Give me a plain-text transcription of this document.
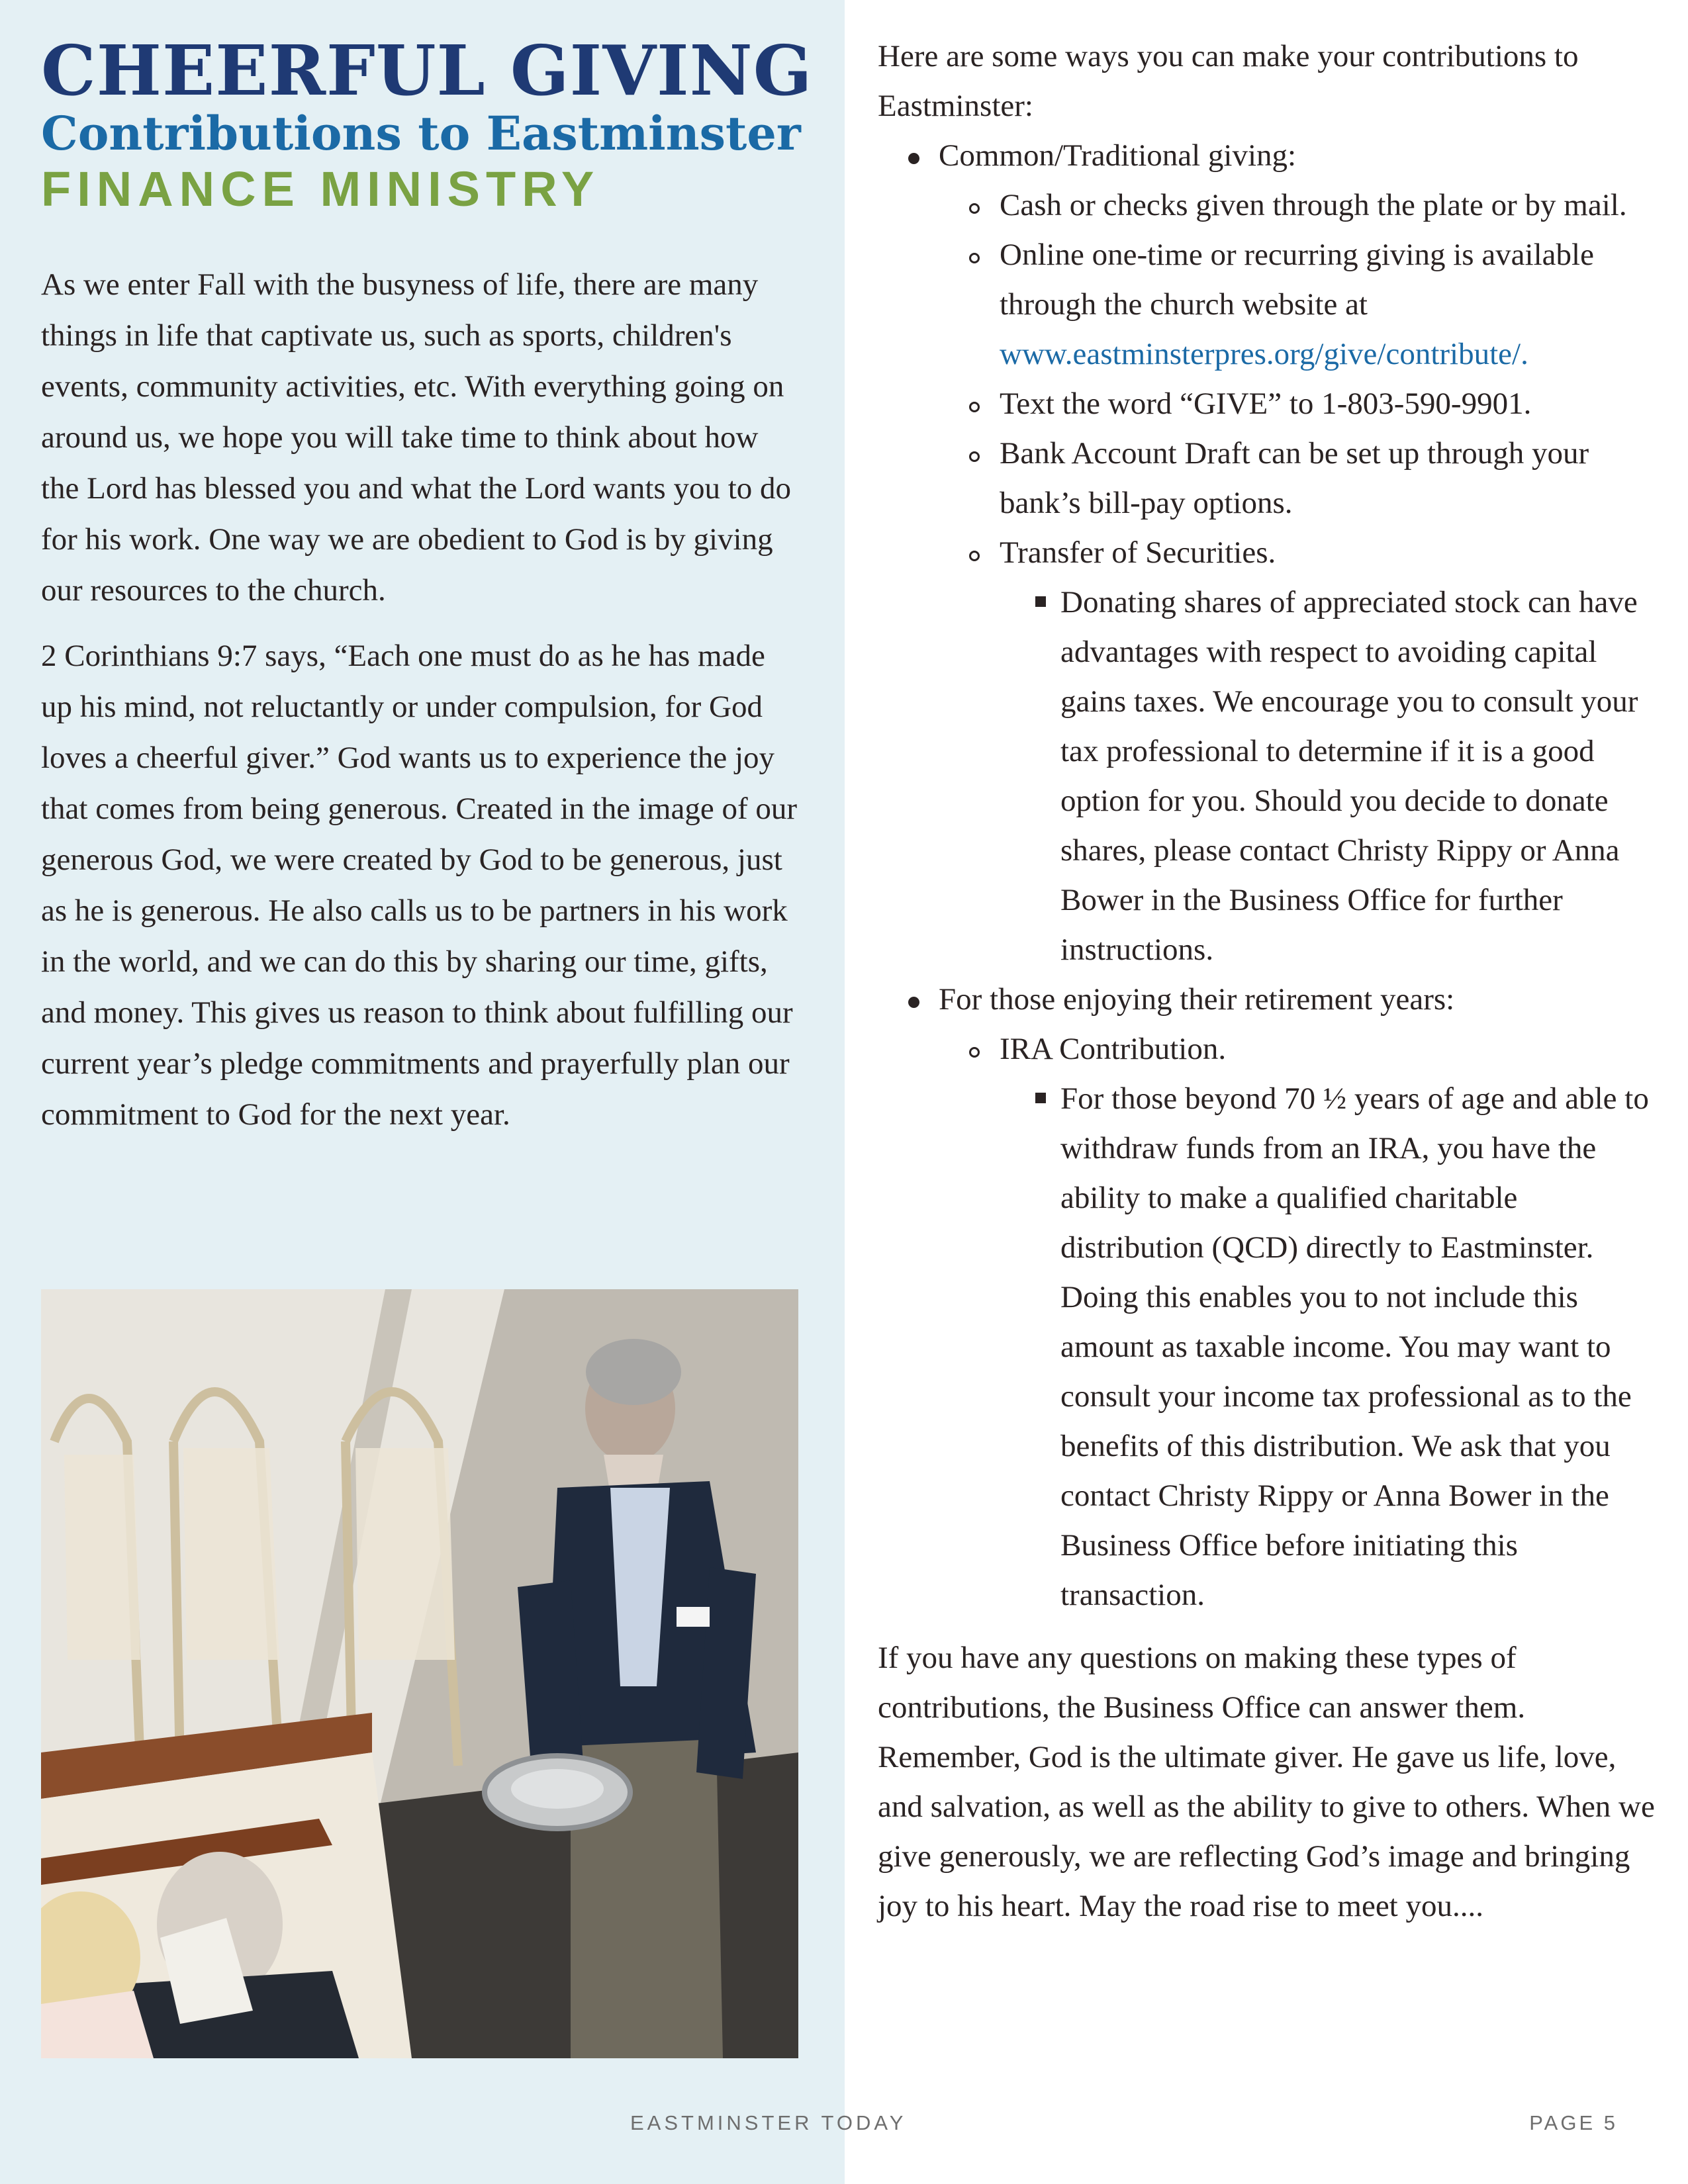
CHEERFUL GIVING
Contributions to Eastminster
FINANCE MINISTRY

As we enter Fall with the busyness of life, there are many things in life that captivate us, such as sports, children's events, community activities, etc. With everything going on around us, we hope you will take time to think about how the Lord has blessed you and what the Lord wants you to do for his work. One way we are obedient to God is by giving our resources to the church.

2 Corinthians 9:7 says, “Each one must do as he has made up his mind, not reluctantly or under compulsion, for God loves a cheerful giver.” God wants us to experience the joy that comes from being generous. Created in the image of our generous God, we were created by God to be generous, just as he is generous. He also calls us to be partners in his work in the world, and we can do this by sharing our time, gifts, and money. This gives us reason to think about fulfilling our current year’s pledge commitments and prayerfully plan our commitment to God for the next year.

Here are some ways you can make your contributions to Eastminster:

Common/Traditional giving:
Cash or checks given through the plate or by mail.
Online one-time or recurring giving is available through the church website at www.eastminsterpres.org/give/contribute/.
Text the word “GIVE” to 1-803-590-9901.
Bank Account Draft can be set up through your bank’s bill-pay options.
Transfer of Securities.
Donating shares of appreciated stock can have advantages with respect to avoiding capital gains taxes. We encourage you to consult your tax professional to determine if it is a good option for you. Should you decide to donate shares, please contact Christy Rippy or Anna Bower in the Business Office for further instructions.
For those enjoying their retirement years:
IRA Contribution.
For those beyond 70 ½ years of age and able to withdraw funds from an IRA, you have the ability to make a qualified charitable distribution (QCD) directly to Eastminster. Doing this enables you to not include this amount as taxable income. You may want to consult your income tax professional as to the benefits of this distribution. We ask that you contact Christy Rippy or Anna Bower in the Business Office before initiating this transaction.

If you have any questions on making these types of contributions, the Business Office can answer them. Remember, God is the ultimate giver. He gave us life, love, and salvation, as well as the ability to give to others. When we give generously, we are reflecting God’s image and bringing joy to his heart. May the road rise to meet you....

EASTMINSTER TODAY	PAGE 5
